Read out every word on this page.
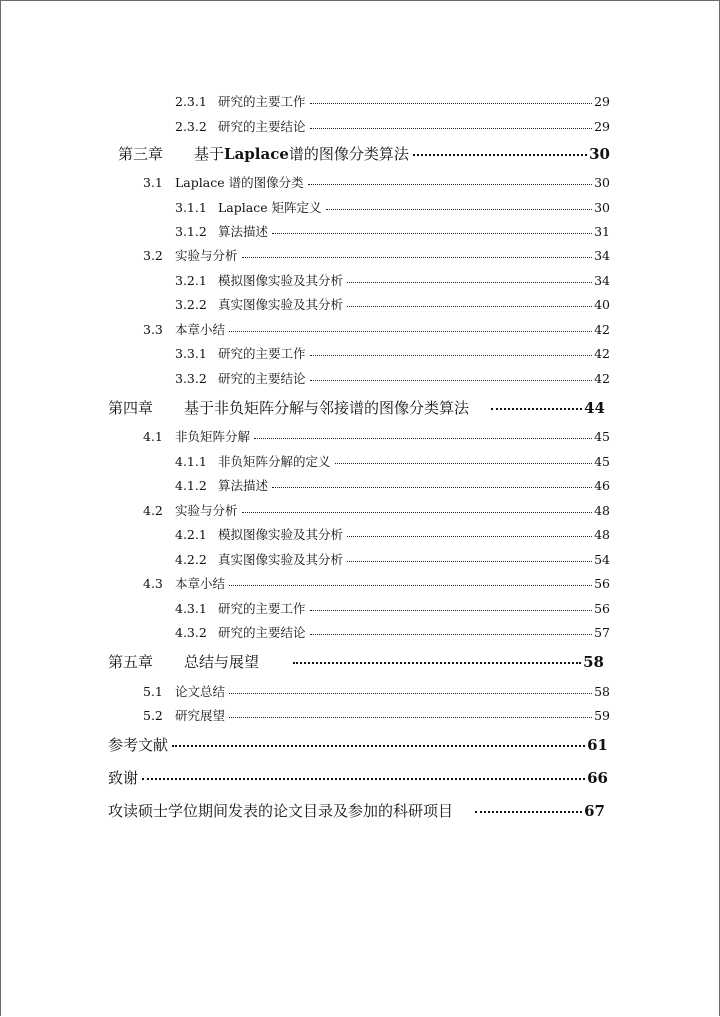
2.3.1 研究的主要工作	29
2.3.2 研究的主要结论	29
第三章	基于Laplace谱的图像分类算法	30
3.1 Laplace 谱的图像分类	30
3.1.1 Laplace 矩阵定义	30
3.1.2 算法描述	31
3.2 实验与分析	34
3.2.1 模拟图像实验及其分析	34
3.2.2 真实图像实验及其分析	40
3.3 本章小结	42
3.3.1 研究的主要工作	42
3.3.2 研究的主要结论	42
第四章	基于非负矩阵分解与邻接谱的图像分类算法	44
4.1 非负矩阵分解	45
4.1.1 非负矩阵分解的定义	45
4.1.2 算法描述	46
4.2 实验与分析	48
4.2.1 模拟图像实验及其分析	48
4.2.2 真实图像实验及其分析	54
4.3 本章小结	56
4.3.1 研究的主要工作	56
4.3.2 研究的主要结论	57
第五章	总结与展望	58
5.1 论文总结	58
5.2 研究展望	59
参考文献	61
致谢	66
攻读硕士学位期间发表的论文目录及参加的科研项目	67
